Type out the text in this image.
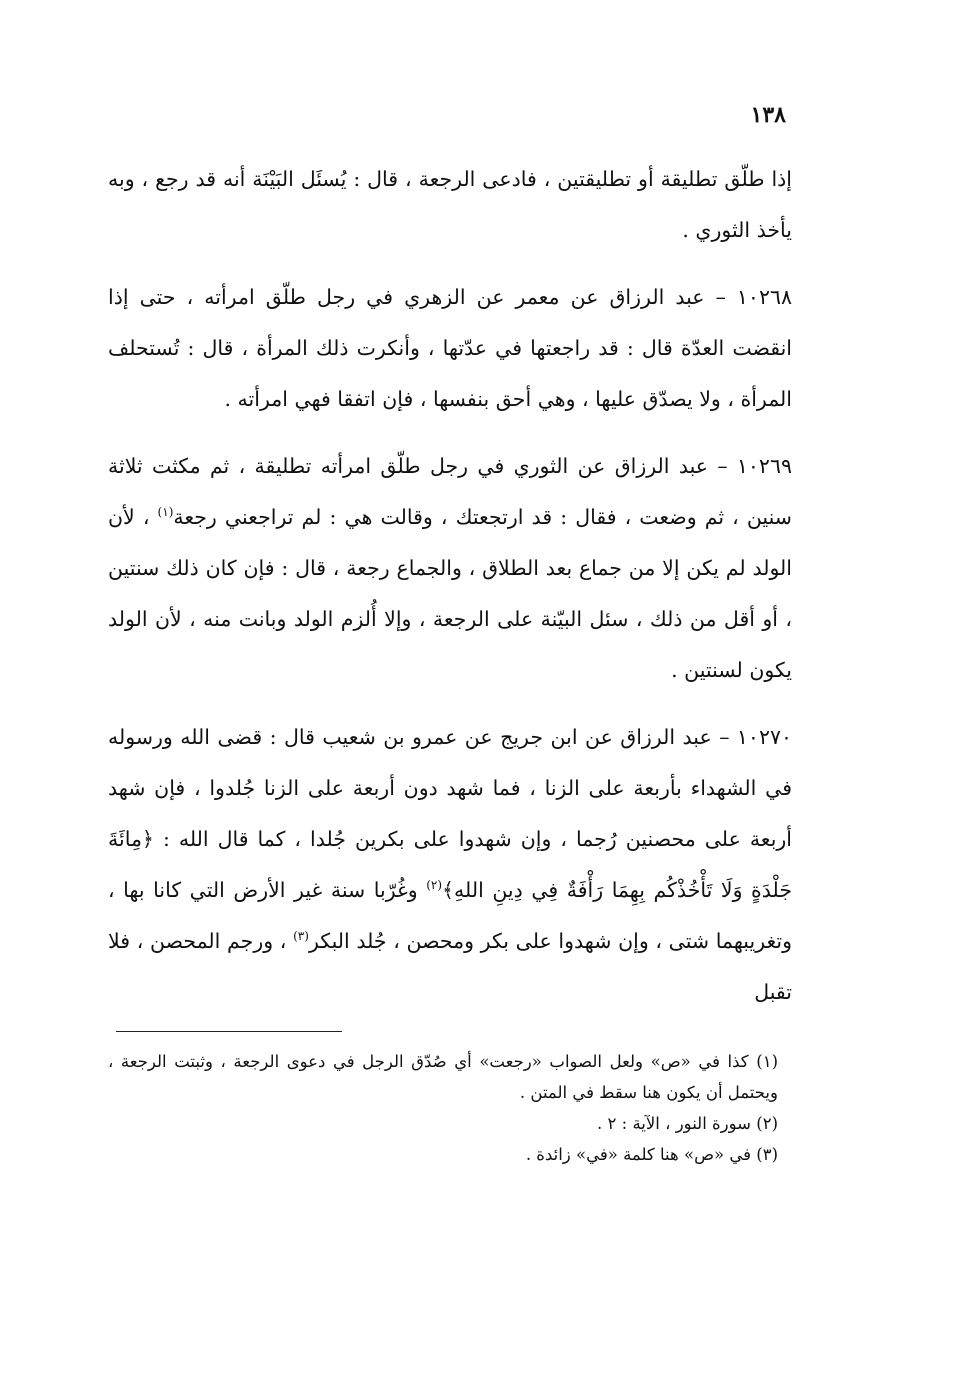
١٣٨

إذا طلّق تطليقة أو تطليقتين ، فادعى الرجعة ، قال : يُسئَل البَيْنَة أنه قد رجع ، وبه يأخذ الثوري .

١٠٢٦٨ – عبد الرزاق عن معمر عن الزهري في رجل طلّق امرأته ، حتى إذا انقضت العدّة قال : قد راجعتها في عدّتها ، وأنكرت ذلك المرأة ، قال : تُستحلف المرأة ، ولا يصدّق عليها ، وهي أحق بنفسها ، فإن اتفقا فهي امرأته .

١٠٢٦٩ – عبد الرزاق عن الثوري في رجل طلّق امرأته تطليقة ، ثم مكثت ثلاثة سنين ، ثم وضعت ، فقال : قد ارتجعتك ، وقالت هي : لم تراجعني رجعة$^{(١)}$ ، لأن الولد لم يكن إلا من جماع بعد الطلاق ، والجماع رجعة ، قال : فإن كان ذلك سنتين ، أو أقل من ذلك ، سئل البيّنة على الرجعة ، وإلا أُلزم الولد وبانت منه ، لأن الولد يكون لسنتين .

١٠٢٧٠ – عبد الرزاق عن ابن جريج عن عمرو بن شعيب قال : قضى الله ورسوله في الشهداء بأربعة على الزنا ، فما شهد دون أربعة على الزنا جُلدوا ، فإن شهد أربعة على محصنين رُجما ، وإن شهدوا على بكرين جُلدا ، كما قال الله : ﴿مِائَةَ جَلْدَةٍ وَلَا تَأْخُذْكُم بِهِمَا رَأْفَةٌ فِي دِينِ اللهِ﴾$^{(٢)}$ وغُرّبا سنة غير الأرض التي كانا بها ، وتغريبهما شتى ، وإن شهدوا على بكر ومحصن ، جُلد البكر$^{(٣)}$ ، ورجم المحصن ، فلا تقبل

(١) كذا في «ص» ولعل الصواب «رجعت» أي صُدّق الرجل في دعوى الرجعة ، وثبتت الرجعة ، ويحتمل أن يكون هنا سقط في المتن .

(٢) سورة النور ، الآية : ٢ .

(٣) في «ص» هنا كلمة «في» زائدة .
